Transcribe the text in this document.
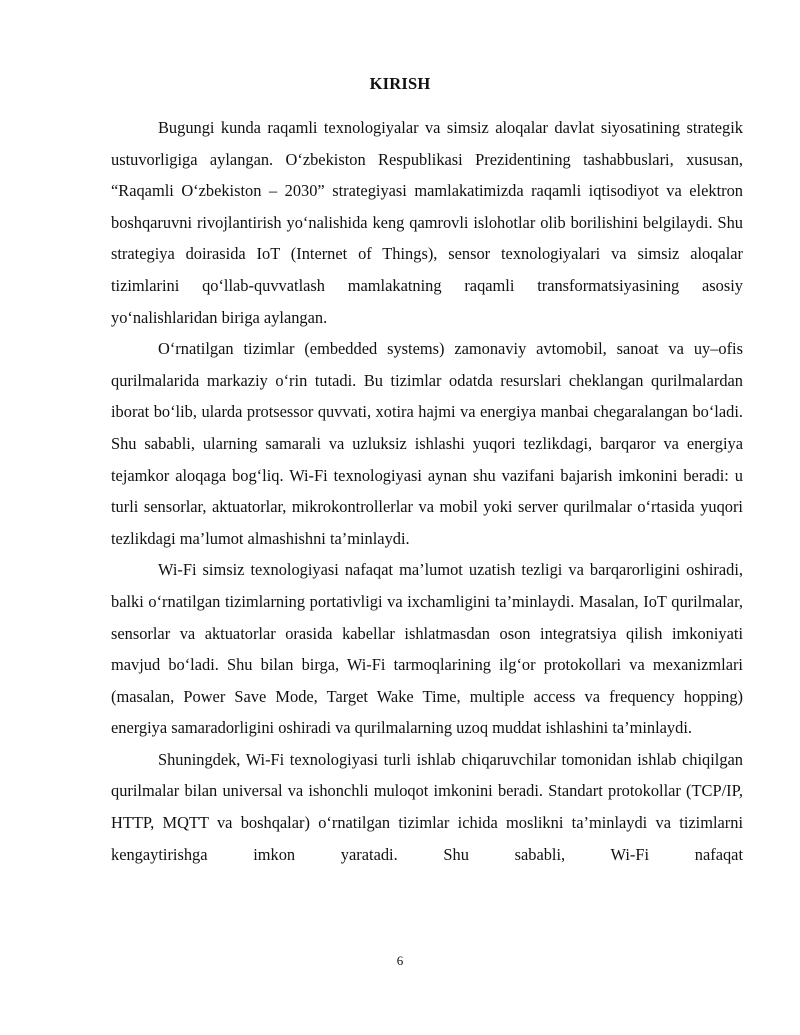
KIRISH

Bugungi kunda raqamli texnologiyalar va simsiz aloqalar davlat siyosatining strategik ustuvorligiga aylangan. O‘zbekiston Respublikasi Prezidentining tashabbuslari, xususan, “Raqamli O‘zbekiston – 2030” strategiyasi mamlakatimizda raqamli iqtisodiyot va elektron boshqaruvni rivojlantirish yo‘nalishida keng qamrovli islohotlar olib borilishini belgilaydi. Shu strategiya doirasida IoT (Internet of Things), sensor texnologiyalari va simsiz aloqalar tizimlarini qo‘llab-quvvatlash mamlakatning raqamli transformatsiyasining asosiy yo‘nalishlaridan biriga aylangan.

O‘rnatilgan tizimlar (embedded systems) zamonaviy avtomobil, sanoat va uy–ofis qurilmalarida markaziy o‘rin tutadi. Bu tizimlar odatda resurslari cheklangan qurilmalardan iborat bo‘lib, ularda protsessor quvvati, xotira hajmi va energiya manbai chegaralangan bo‘ladi. Shu sababli, ularning samarali va uzluksiz ishlashi yuqori tezlikdagi, barqaror va energiya tejamkor aloqaga bog‘liq. Wi-Fi texnologiyasi aynan shu vazifani bajarish imkonini beradi: u turli sensorlar, aktuatorlar, mikrokontrollerlar va mobil yoki server qurilmalar o‘rtasida yuqori tezlikdagi ma’lumot almashishni ta’minlaydi.

Wi-Fi simsiz texnologiyasi nafaqat ma’lumot uzatish tezligi va barqarorligini oshiradi, balki o‘rnatilgan tizimlarning portativligi va ixchamligini ta’minlaydi. Masalan, IoT qurilmalar, sensorlar va aktuatorlar orasida kabellar ishlatmasdan oson integratsiya qilish imkoniyati mavjud bo‘ladi. Shu bilan birga, Wi-Fi tarmoqlarining ilg‘or protokollari va mexanizmlari (masalan, Power Save Mode, Target Wake Time, multiple access va frequency hopping) energiya samaradorligini oshiradi va qurilmalarning uzoq muddat ishlashini ta’minlaydi.

Shuningdek, Wi-Fi texnologiyasi turli ishlab chiqaruvchilar tomonidan ishlab chiqilgan qurilmalar bilan universal va ishonchli muloqot imkonini beradi. Standart protokollar (TCP/IP, HTTP, MQTT va boshqalar) o‘rnatilgan tizimlar ichida moslikni ta’minlaydi va tizimlarni kengaytirishga imkon yaratadi. Shu sababli, Wi-Fi nafaqat

6
